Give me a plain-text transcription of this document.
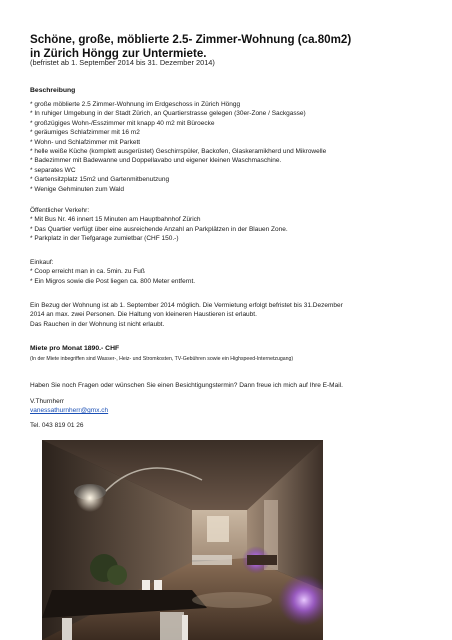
Schöne, große, möblierte 2.5- Zimmer-Wohnung (ca.80m2)
in Zürich Höngg zur Untermiete.
(befristet ab 1. September 2014 bis 31. Dezember 2014)
Beschreibung
* große möblierte 2.5 Zimmer-Wohnung im Erdgeschoss in Zürich Höngg
* In ruhiger Umgebung in der Stadt Zürich, an Quartierstrasse gelegen (30er-Zone / Sackgasse)
* großzügiges Wohn-/Esszimmer mit knapp 40 m2 mit Büroecke
* geräumiges Schlafzimmer mit 16 m2
* Wohn- und Schlafzimmer mit Parkett
* helle weiße Küche (komplett ausgerüstet) Geschirrspüler, Backofen, Glaskeramikherd und Mikrowelle
* Badezimmer mit Badewanne und Doppellavabo und eigener kleinen Waschmaschine.
* separates WC
* Gartensitzplatz 15m2 und Gartenmitbenutzung
* Wenige Gehminuten zum Wald
Öffentlicher Verkehr:
* Mit Bus Nr. 46 innert 15 Minuten am Hauptbahnhof Zürich
* Das Quartier verfügt über eine ausreichende Anzahl an Parkplätzen in der Blauen Zone.
* Parkplatz in der Tiefgarage zumietbar (CHF 150.-)
Einkauf:
* Coop erreicht man in ca. 5min. zu Fuß
* Ein Migros sowie die Post liegen ca. 800 Meter entfernt.
Ein Bezug der Wohnung ist ab 1. September 2014 möglich. Die Vermietung erfolgt befristet bis 31.Dezember
2014 an max. zwei Personen. Die Haltung von kleineren Haustieren ist erlaubt.
Das Rauchen in der Wohnung ist nicht erlaubt.
Miete pro Monat 1890.- CHF
(In der Miete inbegriffen sind Wasser-, Heiz- und Stromkosten, TV-Gebühren sowie ein Highspeed-Internetzugang)
Haben Sie noch Fragen oder wünschen Sie einen Besichtigungstermin? Dann freue ich mich auf Ihre E-Mail.
V.Thurnherr
vanessathurnherr@gmx.ch
Tel. 043 819 01 26
